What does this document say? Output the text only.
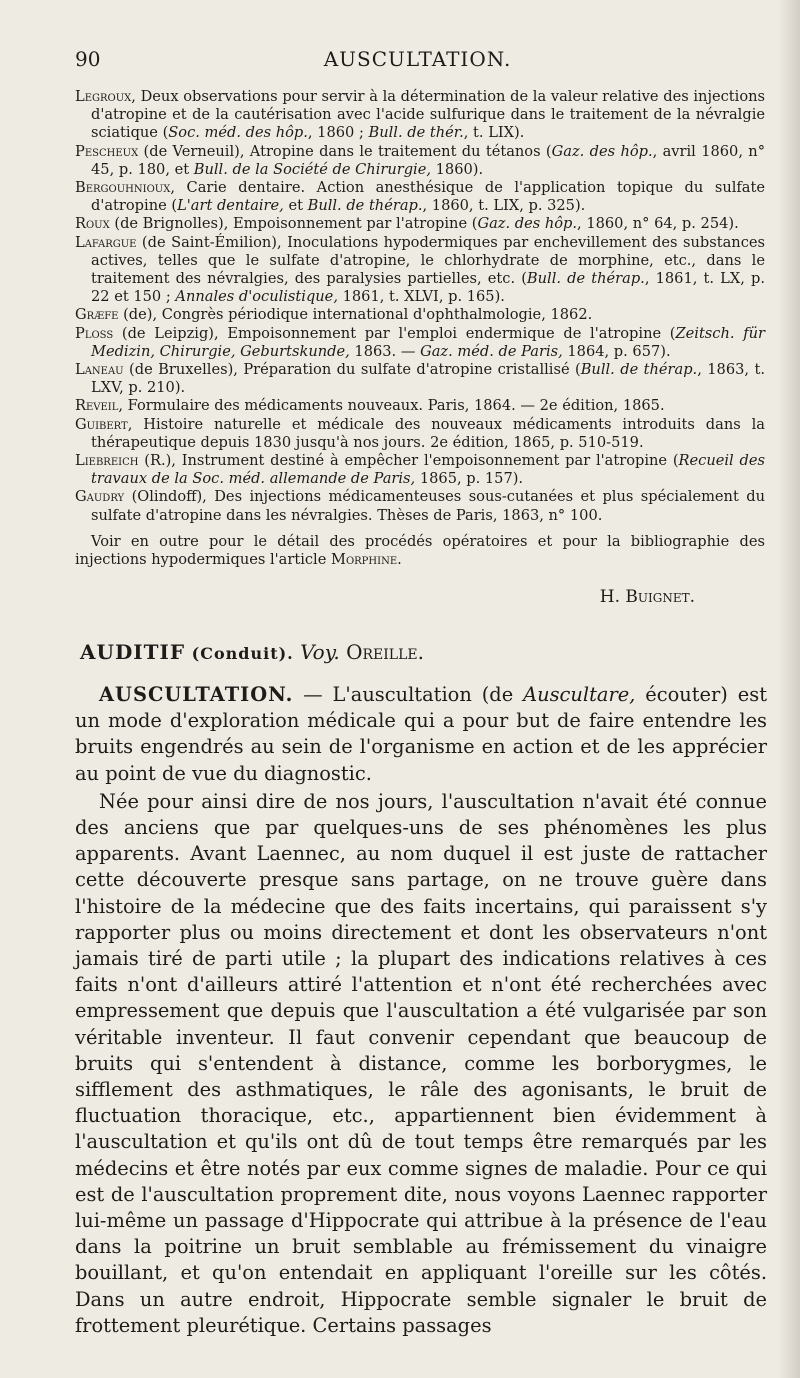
90	AUSCULTATION.
Legroux, Deux observations pour servir à la détermination de la valeur relative des injections d'atropine et de la cautérisation avec l'acide sulfurique dans le traitement de la névralgie sciatique (Soc. méd. des hôp., 1860 ; Bull. de thér., t. LIX).
Pescheux (de Verneuil), Atropine dans le traitement du tétanos (Gaz. des hôp., avril 1860, n° 45, p. 180, et Bull. de la Société de Chirurgie, 1860).
Bergouhnioux, Carie dentaire. Action anesthésique de l'application topique du sulfate d'atropine (L'art dentaire, et Bull. de thérap., 1860, t. LIX, p. 325).
Roux (de Brignolles), Empoisonnement par l'atropine (Gaz. des hôp., 1860, n° 64, p. 254).
Lafargue (de Saint-Émilion), Inoculations hypodermiques par enchevillement des substances actives, telles que le sulfate d'atropine, le chlorhydrate de morphine, etc., dans le traitement des névralgies, des paralysies partielles, etc. (Bull. de thérap., 1861, t. LX, p. 22 et 150 ; Annales d'oculistique, 1861, t. XLVI, p. 165).
Græfe (de), Congrès périodique international d'ophthalmologie, 1862.
Ploss (de Leipzig), Empoisonnement par l'emploi endermique de l'atropine (Zeitsch. für Medizin, Chirurgie, Geburtskunde, 1863. — Gaz. méd. de Paris, 1864, p. 657).
Laneau (de Bruxelles), Préparation du sulfate d'atropine cristallisé (Bull. de thérap., 1863, t. LXV, p. 210).
Reveil, Formulaire des médicaments nouveaux. Paris, 1864. — 2e édition, 1865.
Guibert, Histoire naturelle et médicale des nouveaux médicaments introduits dans la thérapeutique depuis 1830 jusqu'à nos jours. 2e édition, 1865, p. 510-519.
Liebreich (R.), Instrument destiné à empêcher l'empoisonnement par l'atropine (Recueil des travaux de la Soc. méd. allemande de Paris, 1865, p. 157).
Gaudry (Olindoff), Des injections médicamenteuses sous-cutanées et plus spécialement du sulfate d'atropine dans les névralgies. Thèses de Paris, 1863, n° 100.
Voir en outre pour le détail des procédés opératoires et pour la bibliographie des injections hypodermiques l'article Morphine.
H. Buignet.
AUDITIF (Conduit). Voy. Oreille.

AUSCULTATION. — L'auscultation (de Auscultare, écouter) est un mode d'exploration médicale qui a pour but de faire entendre les bruits engendrés au sein de l'organisme en action et de les apprécier au point de vue du diagnostic.

Née pour ainsi dire de nos jours, l'auscultation n'avait été connue des anciens que par quelques-uns de ses phénomènes les plus apparents. Avant Laennec, au nom duquel il est juste de rattacher cette découverte presque sans partage, on ne trouve guère dans l'histoire de la médecine que des faits incertains, qui paraissent s'y rapporter plus ou moins directement et dont les observateurs n'ont jamais tiré de parti utile ; la plupart des indications relatives à ces faits n'ont d'ailleurs attiré l'attention et n'ont été recherchées avec empressement que depuis que l'auscultation a été vulgarisée par son véritable inventeur. Il faut convenir cependant que beaucoup de bruits qui s'entendent à distance, comme les borborygmes, le sifflement des asthmatiques, le râle des agonisants, le bruit de fluctuation thoracique, etc., appartiennent bien évidemment à l'auscultation et qu'ils ont dû de tout temps être remarqués par les médecins et être notés par eux comme signes de maladie. Pour ce qui est de l'auscultation proprement dite, nous voyons Laennec rapporter lui-même un passage d'Hippocrate qui attribue à la présence de l'eau dans la poitrine un bruit semblable au frémissement du vinaigre bouillant, et qu'on entendait en appliquant l'oreille sur les côtés. Dans un autre endroit, Hippocrate semble signaler le bruit de frottement pleurétique. Certains passages
